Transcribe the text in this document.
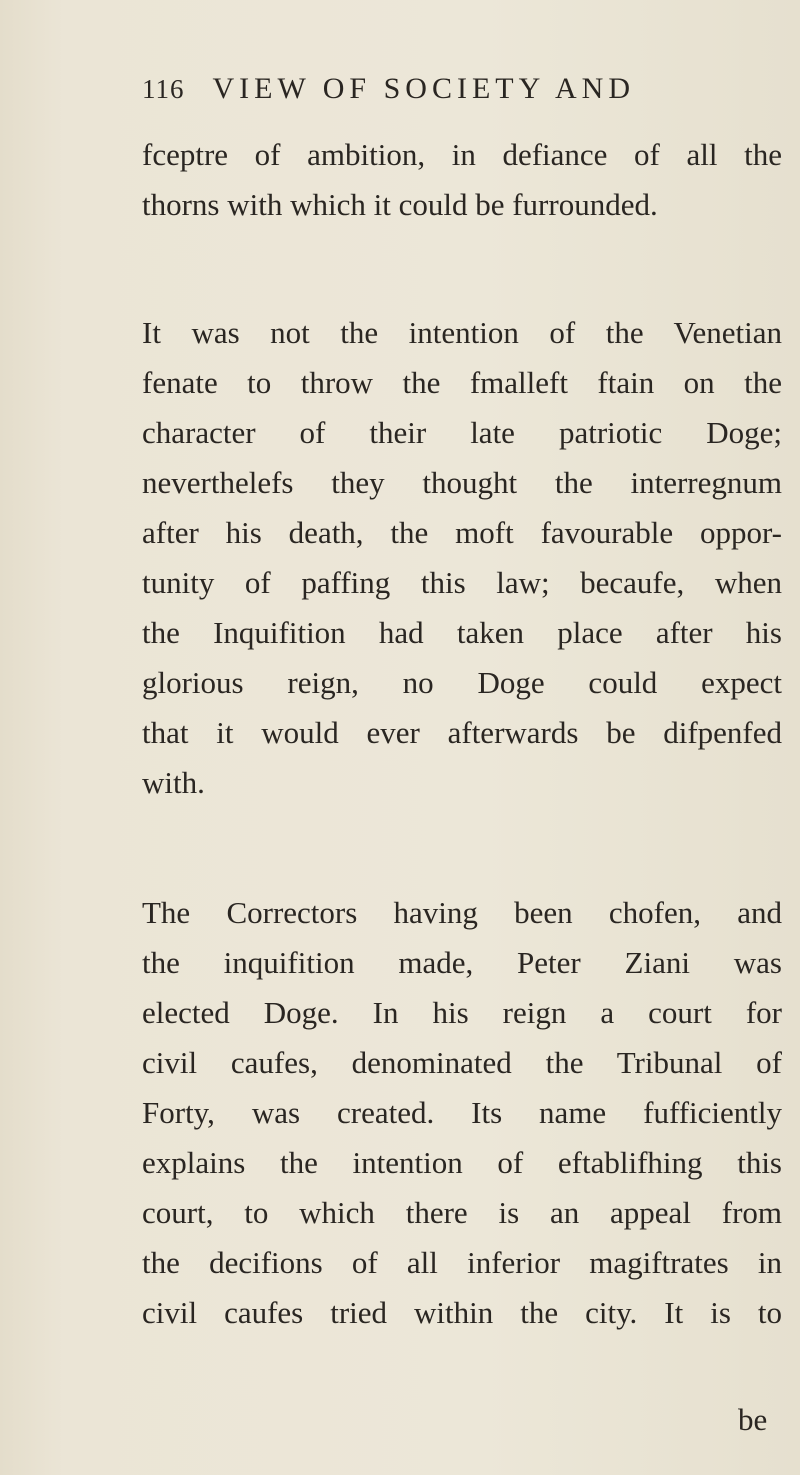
116 VIEW OF SOCIETY AND
fceptre of ambition, in defiance of all the
thorns with which it could be furrounded.
It was not the intention of the Venetian
fenate to throw the fmalleft ftain on the
character of their late patriotic Doge;
neverthelefs they thought the interregnum
after his death, the moft favourable oppor-
tunity of paffing this law; becaufe, when
the Inquifition had taken place after his
glorious reign, no Doge could expect
that it would ever afterwards be difpenfed
with.
The Correctors having been chofen, and
the inquifition made, Peter Ziani was
elected Doge. In his reign a court for
civil caufes, denominated the Tribunal of
Forty, was created. Its name fufficiently
explains the intention of eftablifhing this
court, to which there is an appeal from
the decifions of all inferior magiftrates in
civil caufes tried within the city. It is to
be
